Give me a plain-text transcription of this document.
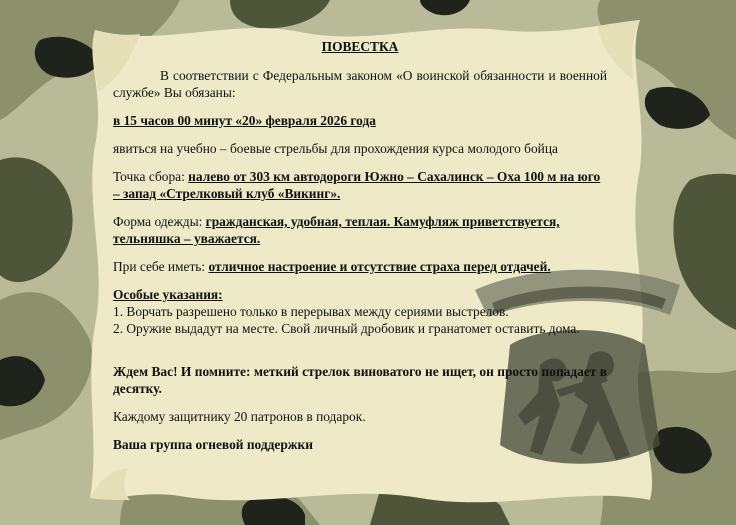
ПОВЕСТКА

В соответствии с Федеральным законом «О воинской обязанности и военной службе» Вы обязаны:

в 15 часов 00 минут «20» февраля 2026 года

явиться на учебно – боевые стрельбы для прохождения курса молодого бойца

Точка сбора: налево от 303 км автодороги Южно – Сахалинск – Оха 100 м на юго – запад «Стрелковый клуб «Викинг».

Форма одежды: гражданская, удобная, теплая. Камуфляж приветствуется, тельняшка – уважается.

При себе иметь: отличное настроение и отсутствие страха перед отдачей.

Особые указания:

1. Ворчать разрешено только в перерывах между сериями выстрелов.

2. Оружие выдадут на месте. Свой личный дробовик и гранатомет оставить дома.

Ждем Вас! И помните: меткий стрелок виноватого не ищет, он просто попадает в десятку.

Каждому защитнику 20 патронов в подарок.

Ваша группа огневой поддержки
